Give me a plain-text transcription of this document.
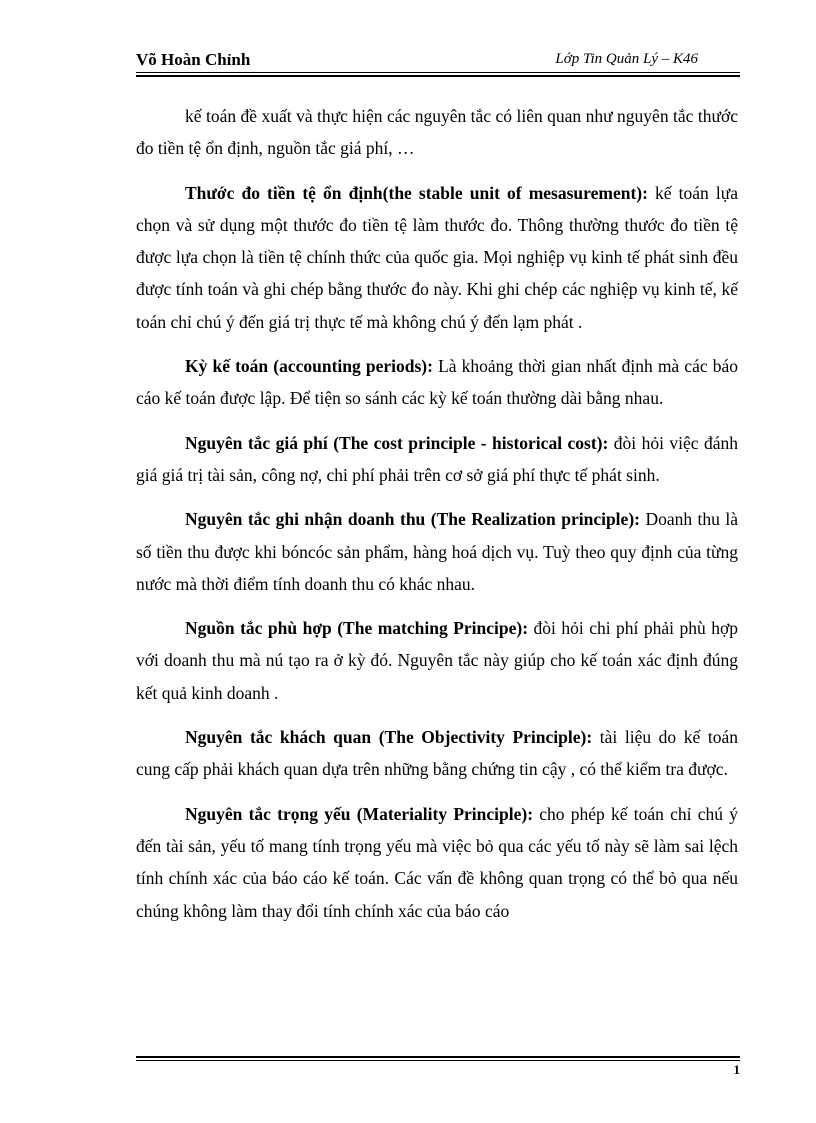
Võ Hoàn Chỉnh	Lớp Tin Quản Lý – K46

kế toán đề xuất và thực hiện các nguyên tắc có liên quan như nguyên tắc thước đo tiền tệ ổn định, nguồn tắc giá phí, …

Thước đo tiền tệ ổn định(the stable unit of mesasurement): kế toán lựa chọn và sử dụng một thước đo tiền tệ làm thước đo. Thông thường thước đo tiền tệ được lựa chọn là tiền tệ chính thức của quốc gia. Mọi nghiệp vụ kinh tế phát sinh đều được tính toán và ghi chép bằng thước đo này. Khi ghi chép các nghiệp vụ kinh tế, kế toán chỉ chú ý đến giá trị thực tế mà không chú ý đến lạm phát .

Kỳ kế toán (accounting periods): Là khoảng thời gian nhất định mà các báo cáo kế toán được lập. Để tiện so sánh các kỳ kế toán thường dài bằng nhau.

Nguyên tắc giá phí (The cost principle - historical cost): đòi hỏi việc đánh giá giá trị tài sản, công nợ, chi phí phải trên cơ sở giá phí thực tế phát sinh.

Nguyên tắc ghi nhận doanh thu (The Realization principle): Doanh thu là số tiền thu được khi bóncóc sản phẩm, hàng hoá dịch vụ. Tuỳ theo quy định của từng nước mà thời điểm tính doanh thu có khác nhau.

Nguồn tắc phù hợp (The matching Principe): đòi hỏi chi phí phải phù hợp với doanh thu mà nú tạo ra ở kỳ đó. Nguyên tắc này giúp cho kế toán xác định đúng kết quả kinh doanh .

Nguyên tắc khách quan (The Objectivity Principle): tài liệu do kế toán cung cấp phải khách quan dựa trên những bằng chứng tin cậy , có thể kiểm tra được.

Nguyên tắc trọng yếu (Materiality Principle): cho phép kế toán chỉ chú ý đến tài sản, yếu tố mang tính trọng yếu mà việc bỏ qua các yếu tố này sẽ làm sai lệch tính chính xác của báo cáo kế toán. Các vấn đề không quan trọng có thể bỏ qua nếu chúng không làm thay đổi tính chính xác của báo cáo

1
